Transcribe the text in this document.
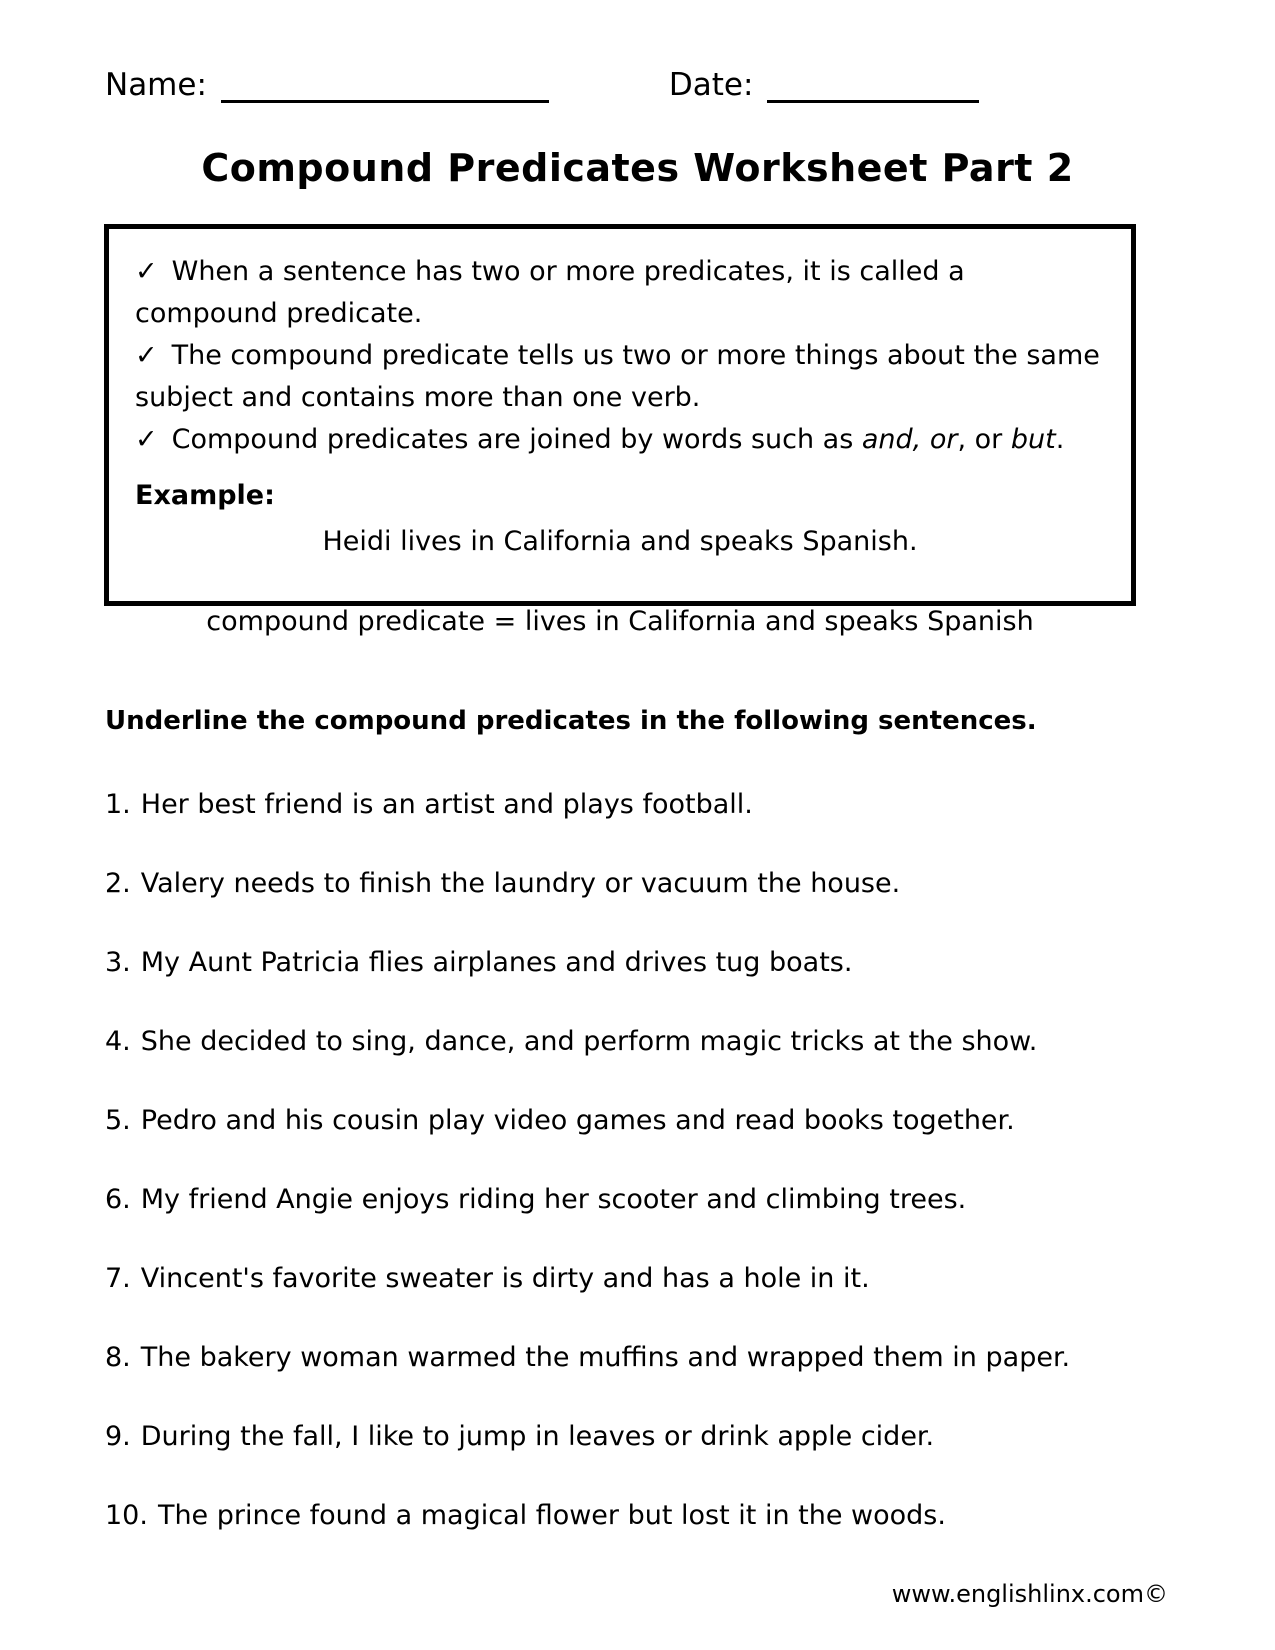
Name:	Date:
Compound Predicates Worksheet Part 2

✓ When a sentence has two or more predicates, it is called a compound predicate.

✓ The compound predicate tells us two or more things about the same subject and contains more than one verb.

✓ Compound predicates are joined by words such as and, or, or but.

Example:

Heidi lives in California and speaks Spanish.

compound predicate = lives in California and speaks Spanish

Underline the compound predicates in the following sentences.

1. Her best friend is an artist and plays football.
2. Valery needs to finish the laundry or vacuum the house.
3. My Aunt Patricia flies airplanes and drives tug boats.
4. She decided to sing, dance, and perform magic tricks at the show.
5. Pedro and his cousin play video games and read books together.
6. My friend Angie enjoys riding her scooter and climbing trees.
7. Vincent's favorite sweater is dirty and has a hole in it.
8. The bakery woman warmed the muffins and wrapped them in paper.
9. During the fall, I like to jump in leaves or drink apple cider.
10. The prince found a magical flower but lost it in the woods.
www.englishlinx.com©
